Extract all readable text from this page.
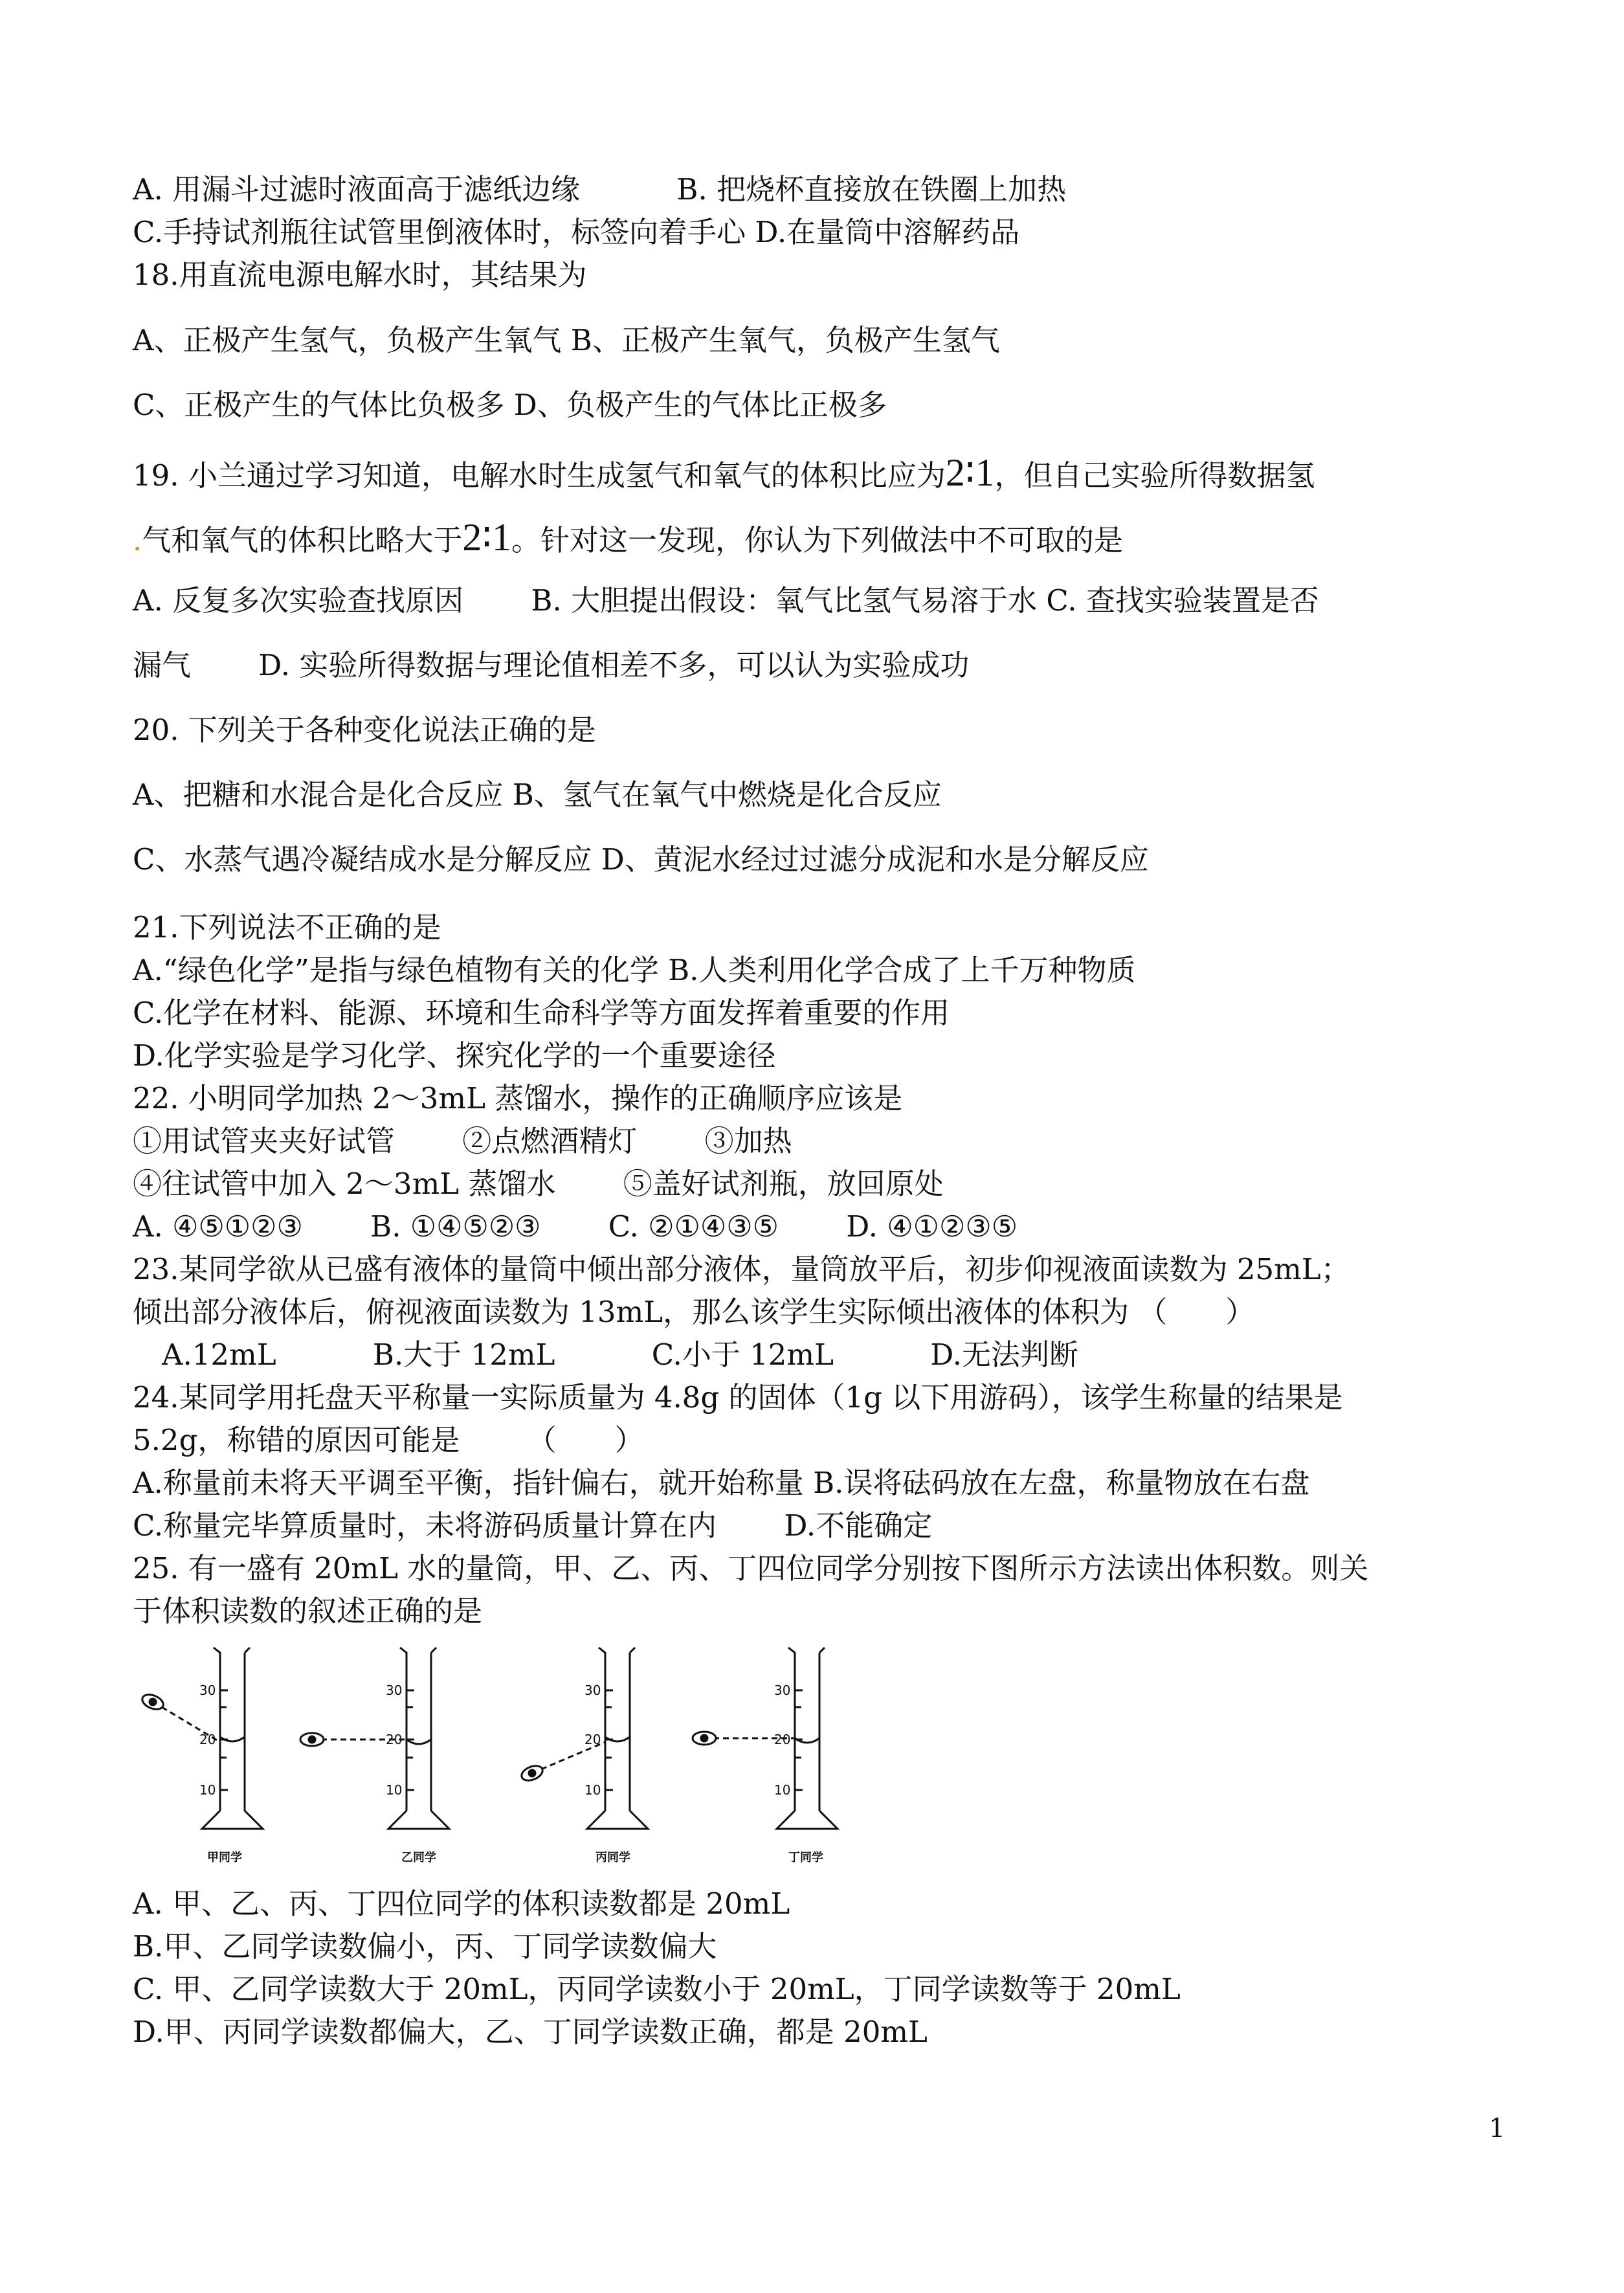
A. 用漏斗过滤时液面高于滤纸边缘　　　 B. 把烧杯直接放在铁圈上加热
C.手持试剂瓶往试管里倒液体时，标签向着手心 D.在量筒中溶解药品
18.用直流电源电解水时，其结果为
A、正极产生氢气，负极产生氧气 B、正极产生氧气，负极产生氢气
C、正极产生的气体比负极多 D、负极产生的气体比正极多
19. 小兰通过学习知道，电解水时生成氢气和氧气的体积比应为2∶1，但自己实验所得数据氢
.气和氧气的体积比略大于2∶1。针对这一发现，你认为下列做法中不可取的是
A. 反复多次实验查找原因　　 B. 大胆提出假设：氧气比氢气易溶于水 C. 查找实验装置是否
漏气　　 D. 实验所得数据与理论值相差不多，可以认为实验成功
20. 下列关于各种变化说法正确的是
A、把糖和水混合是化合反应 B、氢气在氧气中燃烧是化合反应
C、水蒸气遇冷凝结成水是分解反应 D、黄泥水经过过滤分成泥和水是分解反应
21.下列说法不正确的是
A.“绿色化学”是指与绿色植物有关的化学 B.人类利用化学合成了上千万种物质
C.化学在材料、能源、环境和生命科学等方面发挥着重要的作用
D.化学实验是学习化学、探究化学的一个重要途径
22. 小明同学加热 2～3mL 蒸馏水，操作的正确顺序应该是
①用试管夹夹好试管　　 ②点燃酒精灯　　 ③加热
④往试管中加入 2～3mL 蒸馏水　　 ⑤盖好试剂瓶，放回原处
A. ④⑤①②③　　 B. ①④⑤②③　　 C. ②①④③⑤　　 D. ④①②③⑤
23.某同学欲从已盛有液体的量筒中倾出部分液体，量筒放平后，初步仰视液面读数为 25mL；
倾出部分液体后，俯视液面读数为 13mL，那么该学生实际倾出液体的体积为 （　　）
　A.12mL　　　 B.大于 12mL　　　 C.小于 12mL　　　 D.无法判断
24.某同学用托盘天平称量一实际质量为 4.8g 的固体（1g 以下用游码），该学生称量的结果是
5.2g，称错的原因可能是　　 （　　）
A.称量前未将天平调至平衡，指针偏右，就开始称量 B.误将砝码放在左盘，称量物放在右盘
C.称量完毕算质量时，未将游码质量计算在内　　 D.不能确定
25. 有一盛有 20mL 水的量筒，甲、乙、丙、丁四位同学分别按下图所示方法读出体积数。则关
于体积读数的叙述正确的是
30
20
10
30
20
10
30
20
10
30
20
10
甲同学	乙同学	丙同学	丁同学
A. 甲、乙、丙、丁四位同学的体积读数都是 20mL
B.甲、乙同学读数偏小，丙、丁同学读数偏大
C. 甲、乙同学读数大于 20mL，丙同学读数小于 20mL，丁同学读数等于 20mL
D.甲、丙同学读数都偏大，乙、丁同学读数正确，都是 20mL
1
